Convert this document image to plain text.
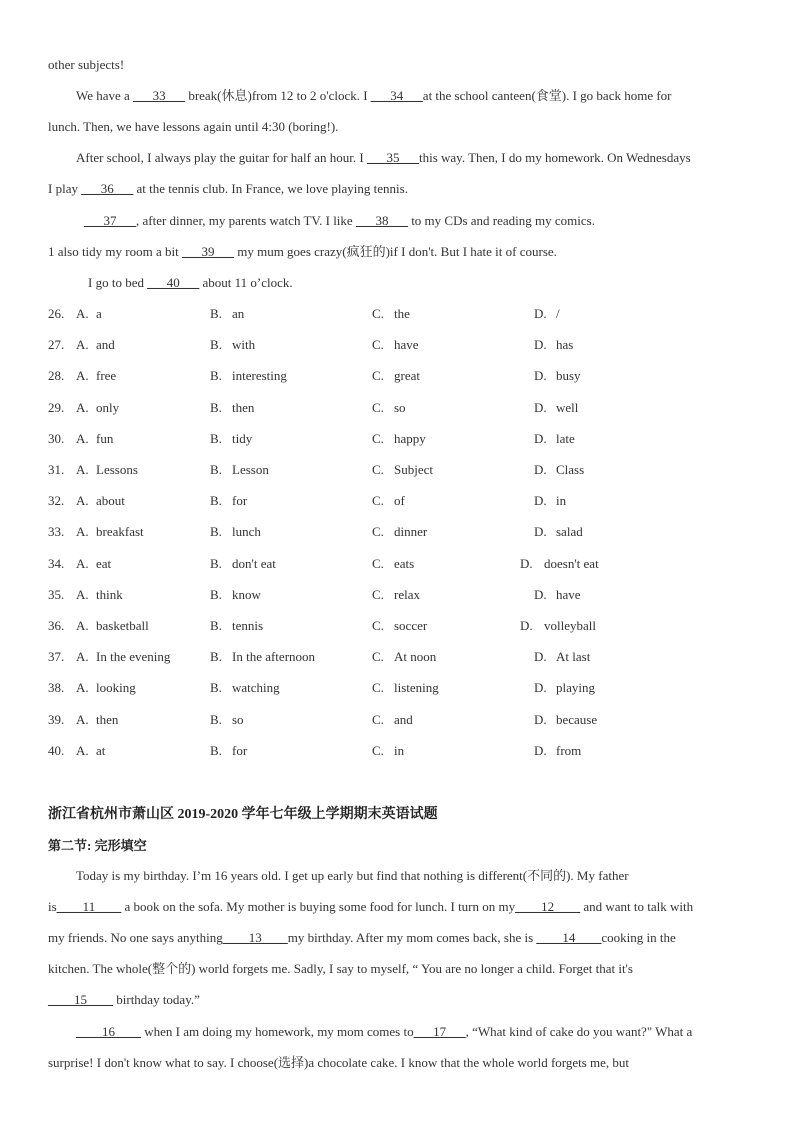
other subjects!
We have a ___33___ break(休息)from 12 to 2 o'clock. I ___34___at the school canteen(食堂). I go back home for
lunch. Then, we have lessons again until 4:30 (boring!).
After school, I always play the guitar for half an hour. I ___35___this way. Then, I do my homework. On Wednesdays
I play ___36___ at the tennis club. In France, we love playing tennis.
___37___, after dinner, my parents watch TV. I like ___38___ to my CDs and reading my comics.
1 also tidy my room a bit ___39___ my mum goes crazy(疯狂的)if I don't. But I hate it of course.
I go to bed ___40___ about 11 o’clock.
26. A. a	B. an	C. the	D. /
27. A. and	B. with	C. have	D. has
28. A. free	B. interesting	C. great	D. busy
29. A. only	B. then	C. so	D. well
30. A. fun	B. tidy	C. happy	D. late
31. A. Lessons	B. Lesson	C. Subject	D. Class
32. A. about	B. for	C. of	D. in
33. A. breakfast	B. lunch	C. dinner	D. salad
34. A. eat	B. don't eat	C. eats	D. doesn't eat
35. A. think	B. know	C. relax	D. have
36. A. basketball	B. tennis	C. soccer	D. volleyball
37. A. In the evening	B. In the afternoon	C. At noon	D. At last
38. A. looking	B. watching	C. listening	D. playing
39. A. then	B. so	C. and	D. because
40. A. at	B. for	C. in	D. from
浙江省杭州市萧山区 2019-2020 学年七年级上学期期末英语试题
第二节: 完形填空
Today is my birthday. I’m 16 years old. I get up early but find that nothing is different(不同的). My father
is____11____ a book on the sofa. My mother is buying some food for lunch. I turn on my____12____ and want to talk with
my friends. No one says anything____13____my birthday. After my mom comes back, she is ____14____cooking in the
kitchen. The whole(整个的) world forgets me. Sadly, I say to myself, “ You are no longer a child. Forget that it's
____15____ birthday today.”
____16____ when I am doing my homework, my mom comes to___17___, “What kind of cake do you want?" What a
surprise! I don't know what to say. I choose(选择)a chocolate cake. I know that the whole world forgets me, but
